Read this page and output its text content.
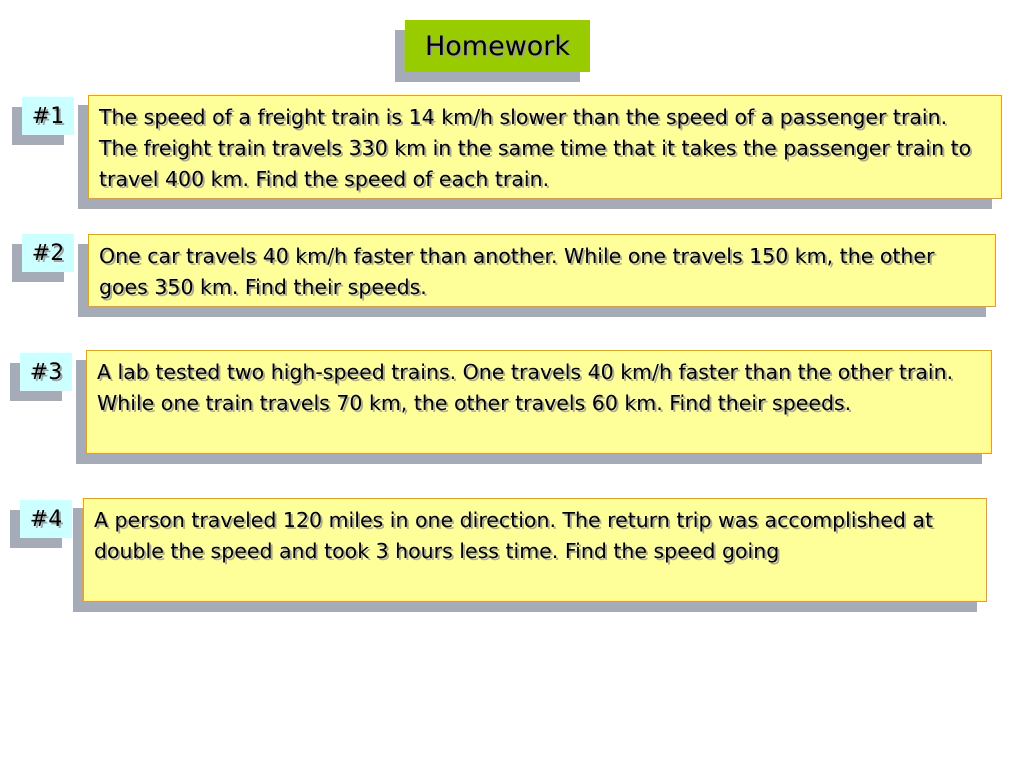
Homework
#1 The speed of a freight train is 14 km/h slower than the speed of a passenger train. The freight train travels 330 km in the same time that it takes the passenger train to travel 400 km. Find the speed of each train.
#2 One car travels 40 km/h faster than another. While one travels 150 km, the other goes 350 km. Find their speeds.
#3 A lab tested two high-speed trains. One travels 40 km/h faster than the other train. While one train travels 70 km, the other travels 60 km. Find their speeds.
#4 A person traveled 120 miles in one direction. The return trip was accomplished at double the speed and took 3 hours less time. Find the speed going
